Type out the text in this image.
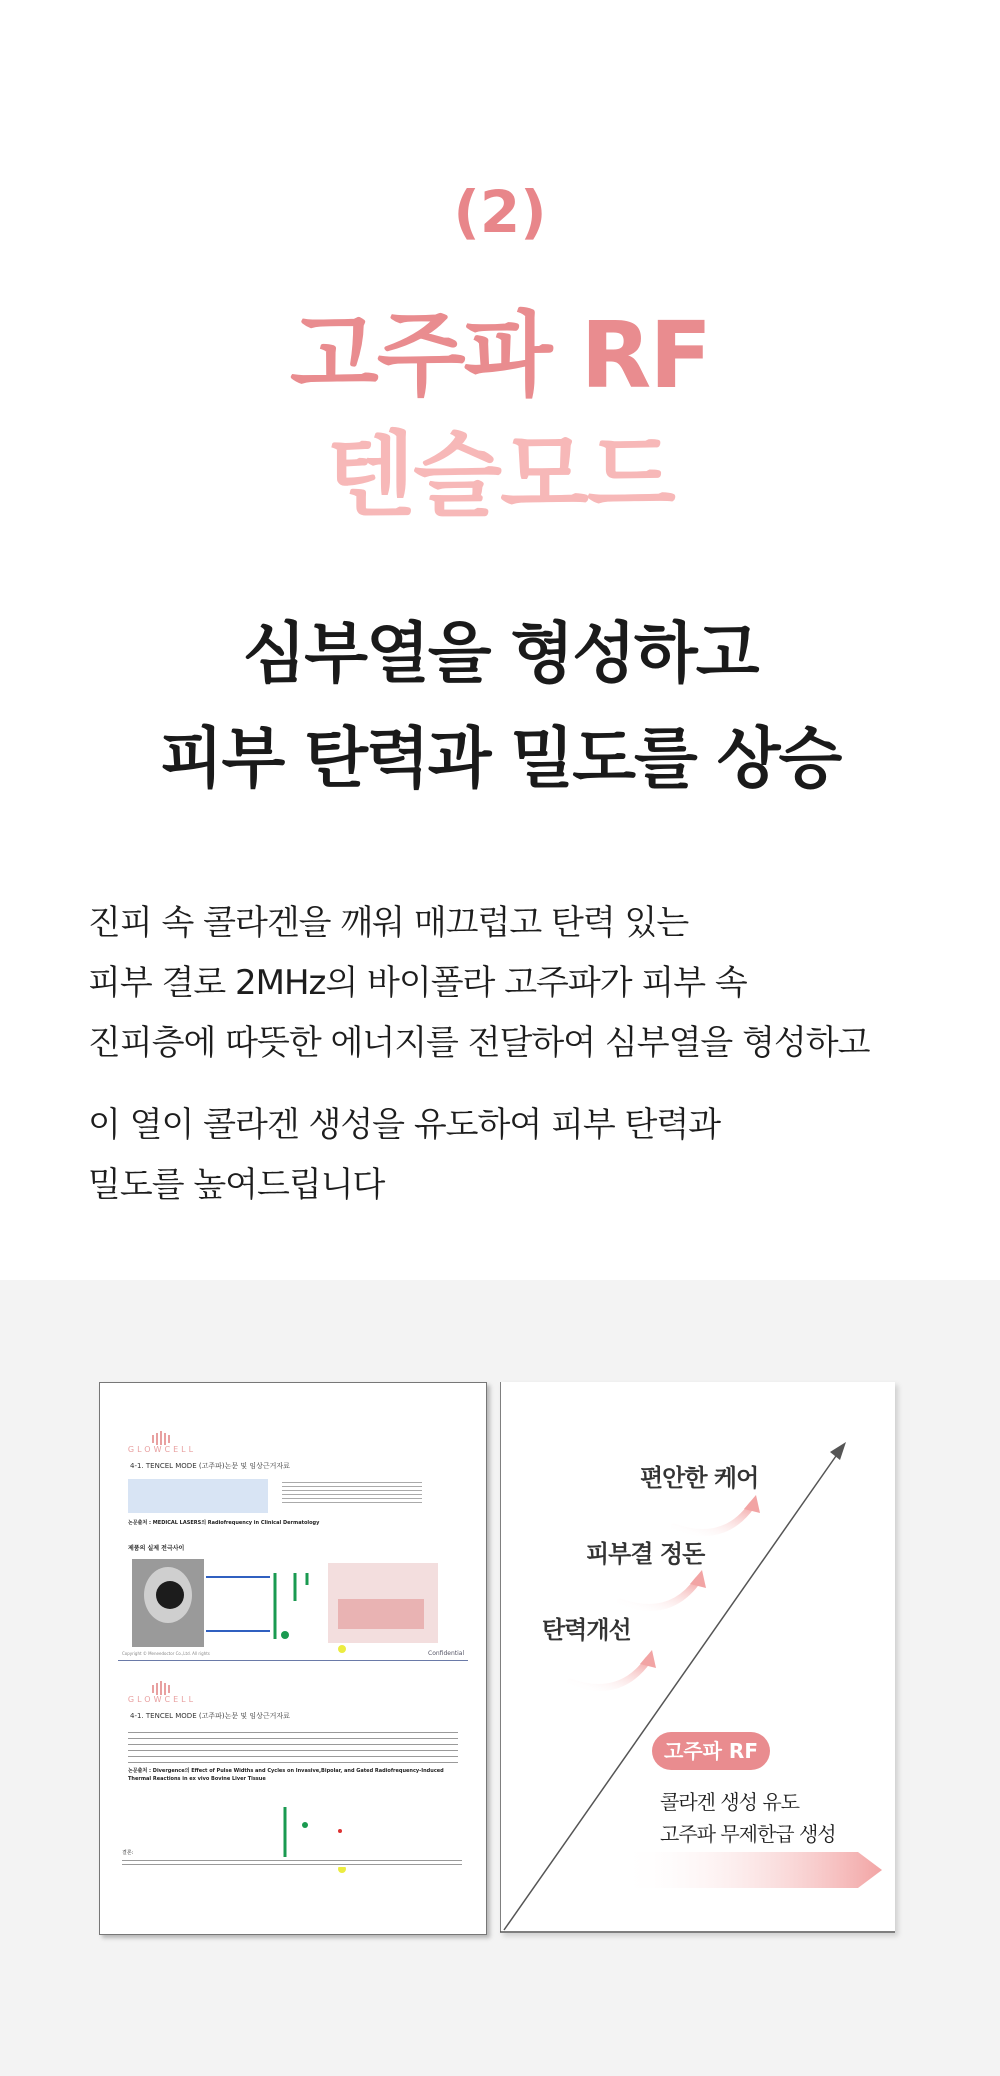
(2)
고주파 RF
텐슬모드
심부열을 형성하고
피부 탄력과 밀도를 상승
진피 속 콜라겐을 깨워 매끄럽고 탄력 있는
피부 결로 2MHz의 바이폴라 고주파가 피부 속
진피층에 따뜻한 에너지를 전달하여 심부열을 형성하고
이 열이 콜라겐 생성을 유도하여 피부 탄력과
밀도를 높여드립니다
GLOWCELL
4-1. TENCEL MODE (고주파)논문 및 임상근거자료
논문출처 : MEDICAL LASERS의 Radiofrequency in Clinical Dermatology
제품의 실제 전극사이
Copyright © Meneedoctor Co.,Ltd. All rights	Confidential
GLOWCELL
4-1. TENCEL MODE (고주파)논문 및 임상근거자료
논문출처 : Divergence의 Effect of Pulse Widths and Cycles on Invasive,Bipolar, and Gated Radiofrequency-Induced Thermal Reactions in ex vivo Bovine Liver Tissue
결론:
편안한 케어
피부결 정돈
탄력개선
고주파 RF
콜라겐 생성 유도
고주파 무제한급 생성
